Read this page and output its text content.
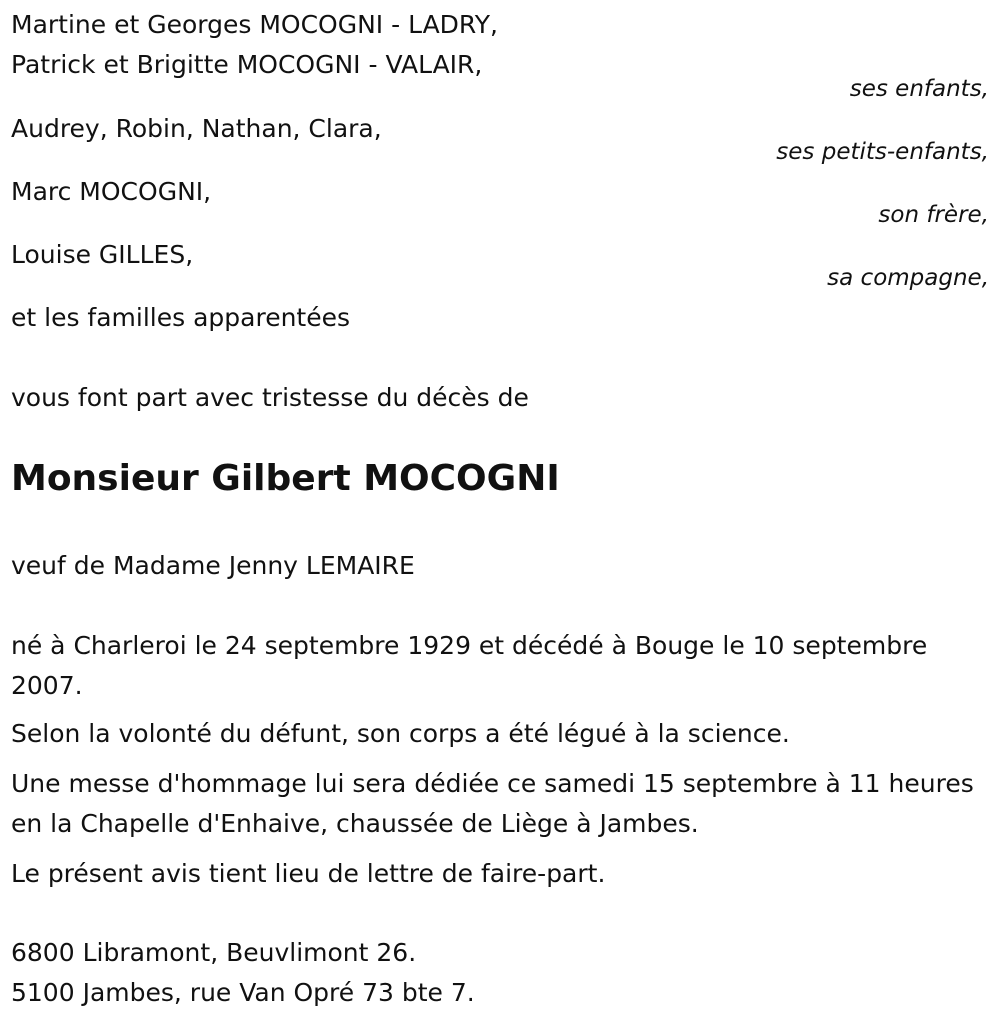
Martine et Georges MOCOGNI - LADRY,
Patrick et Brigitte MOCOGNI - VALAIR,
ses enfants,
Audrey, Robin, Nathan, Clara,
ses petits-enfants,
Marc MOCOGNI,
son frère,
Louise GILLES,
sa compagne,
et les familles apparentées
vous font part avec tristesse du décès de
Monsieur Gilbert MOCOGNI
veuf de Madame Jenny LEMAIRE
né à Charleroi le 24 septembre 1929 et décédé à Bouge le 10 septembre 2007.
Selon la volonté du défunt, son corps a été légué à la science.
Une messe d'hommage lui sera dédiée ce samedi 15 septembre à 11 heures en la Chapelle d'Enhaive, chaussée de Liège à Jambes.
Le présent avis tient lieu de lettre de faire-part.
6800 Libramont, Beuvlimont 26.
5100 Jambes, rue Van Opré 73 bte 7.
